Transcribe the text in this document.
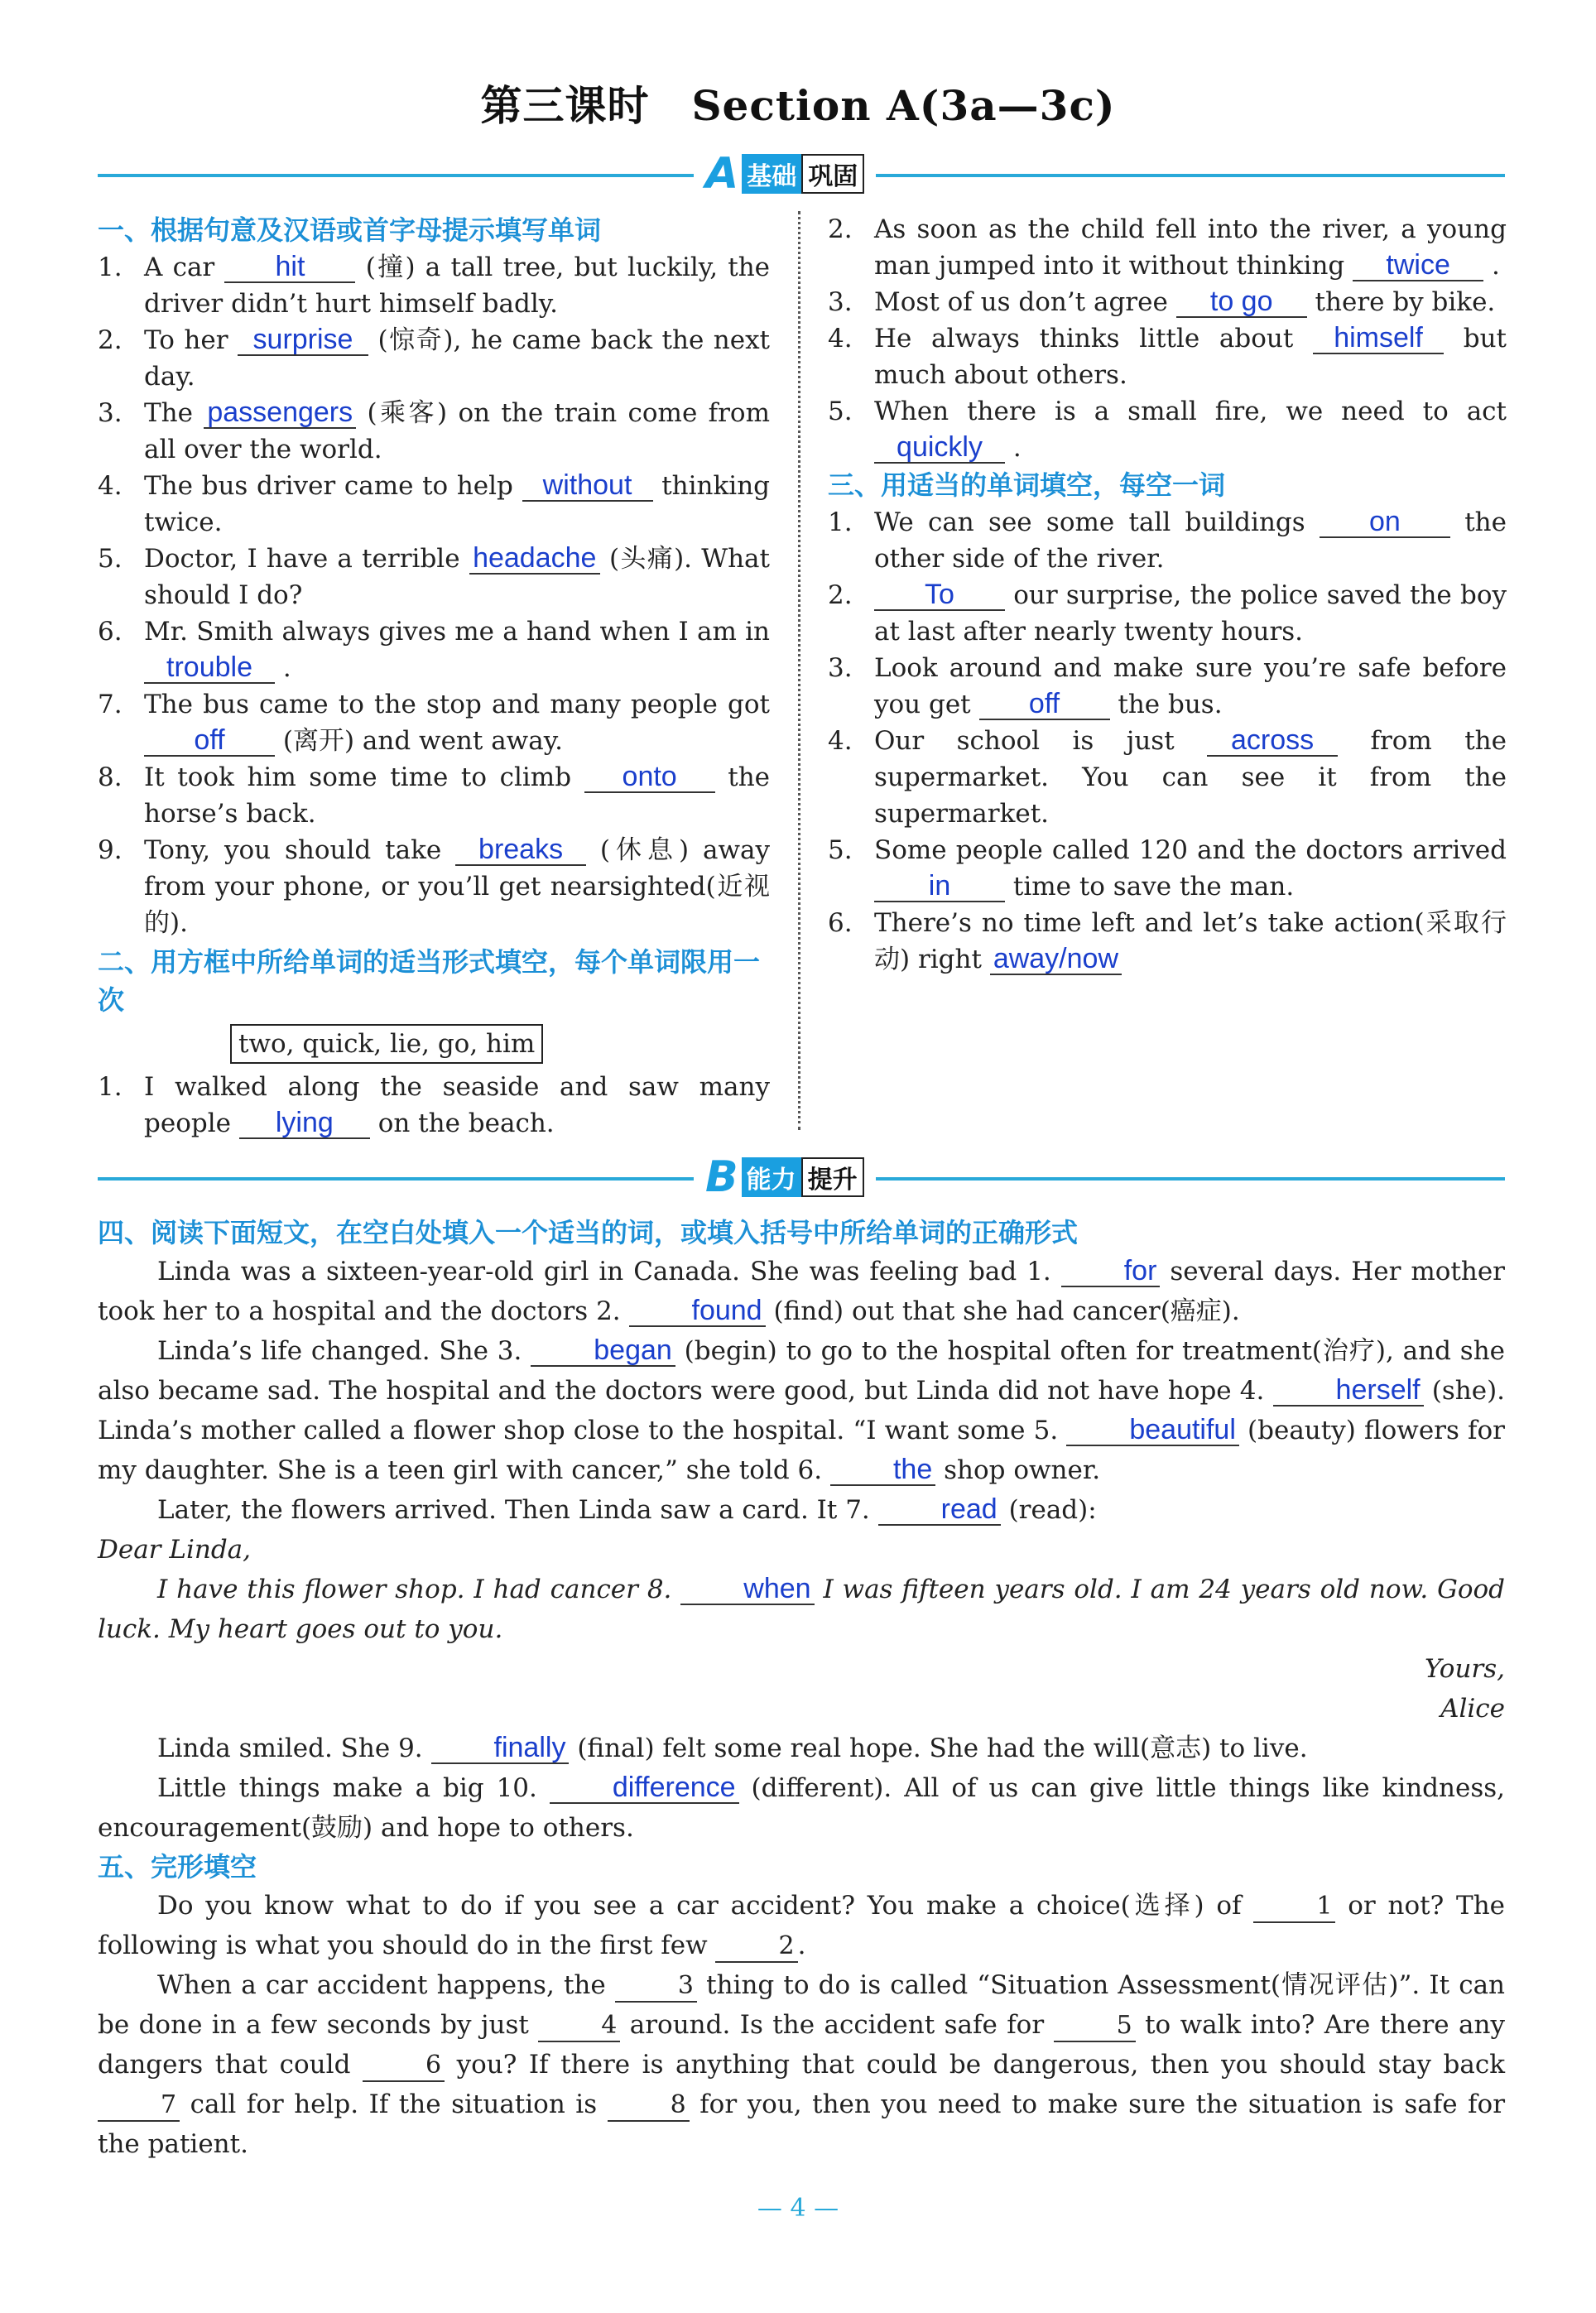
第三课时　Section A(3a—3c)
A 基础 巩固
一、根据句意及汉语或首字母提示填写单词
1. A car hit (撞) a tall tree, but luckily, the driver didn’t hurt himself badly.
2. To her surprise (惊奇), he came back the next day.
3. The passengers (乘客) on the train come from all over the world.
4. The bus driver came to help without thinking twice.
5. Doctor, I have a terrible headache (头痛). What should I do?
6. Mr. Smith always gives me a hand when I am in trouble .
7. The bus came to the stop and many people got off (离开) and went away.
8. It took him some time to climb onto the horse’s back.
9. Tony, you should take breaks (休息) away from your phone, or you’ll get nearsighted(近视的).
二、用方框中所给单词的适当形式填空，每个单词限用一次
two, quick, lie, go, him
1. I walked along the seaside and saw many people lying on the beach.
2. As soon as the child fell into the river, a young man jumped into it without thinking twice .
3. Most of us don’t agree to go there by bike.
4. He always thinks little about himself but much about others.
5. When there is a small fire, we need to act quickly .
三、用适当的单词填空，每空一词
1. We can see some tall buildings on the other side of the river.
2.	To our surprise, the police saved the boy at last after nearly twenty hours.
3. Look around and make sure you’re safe before you get off the bus.
4. Our school is just across from the supermarket. You can see it from the supermarket.
5. Some people called 120 and the doctors arrived in time to save the man.
6. There’s no time left and let’s take action(采取行动) right away/now
B 能力 提升
四、阅读下面短文，在空白处填入一个适当的词，或填入括号中所给单词的正确形式

Linda was a sixteen-year-old girl in Canada. She was feeling bad 1.	for several days. Her mother took her to a hospital and the doctors 2.	found (find) out that she had cancer(癌症).

Linda’s life changed. She 3.	began (begin) to go to the hospital often for treatment(治疗), and she also became sad. The hospital and the doctors were good, but Linda did not have hope 4.	herself (she). Linda’s mother called a flower shop close to the hospital. “I want some 5.	beautiful (beauty) flowers for my daughter. She is a teen girl with cancer,” she told 6.	the shop owner.

Later, the flowers arrived. Then Linda saw a card. It 7.	read (read):

Dear Linda,

I have this flower shop. I had cancer 8.	when I was fifteen years old. I am 24 years old now. Good luck. My heart goes out to you.

Yours,

Alice

Linda smiled. She 9.	finally (final) felt some real hope. She had the will(意志) to live.

Little things make a big 10.	difference (different). All of us can give little things like kindness, encouragement(鼓励) and hope to others.

五、完形填空

Do you know what to do if you see a car accident? You make a choice(选择) of	1 or not? The following is what you should do in the first few	2 .

When a car accident happens, the	3 thing to do is called “Situation Assessment(情况评估)”. It can be done in a few seconds by just	4 around. Is the accident safe for	5 to walk into? Are there any dangers that could	6 you? If there is anything that could be dangerous, then you should stay back 7 call for help. If the situation is	8 for you, then you need to make sure the situation is safe for the patient.

— 4 —
